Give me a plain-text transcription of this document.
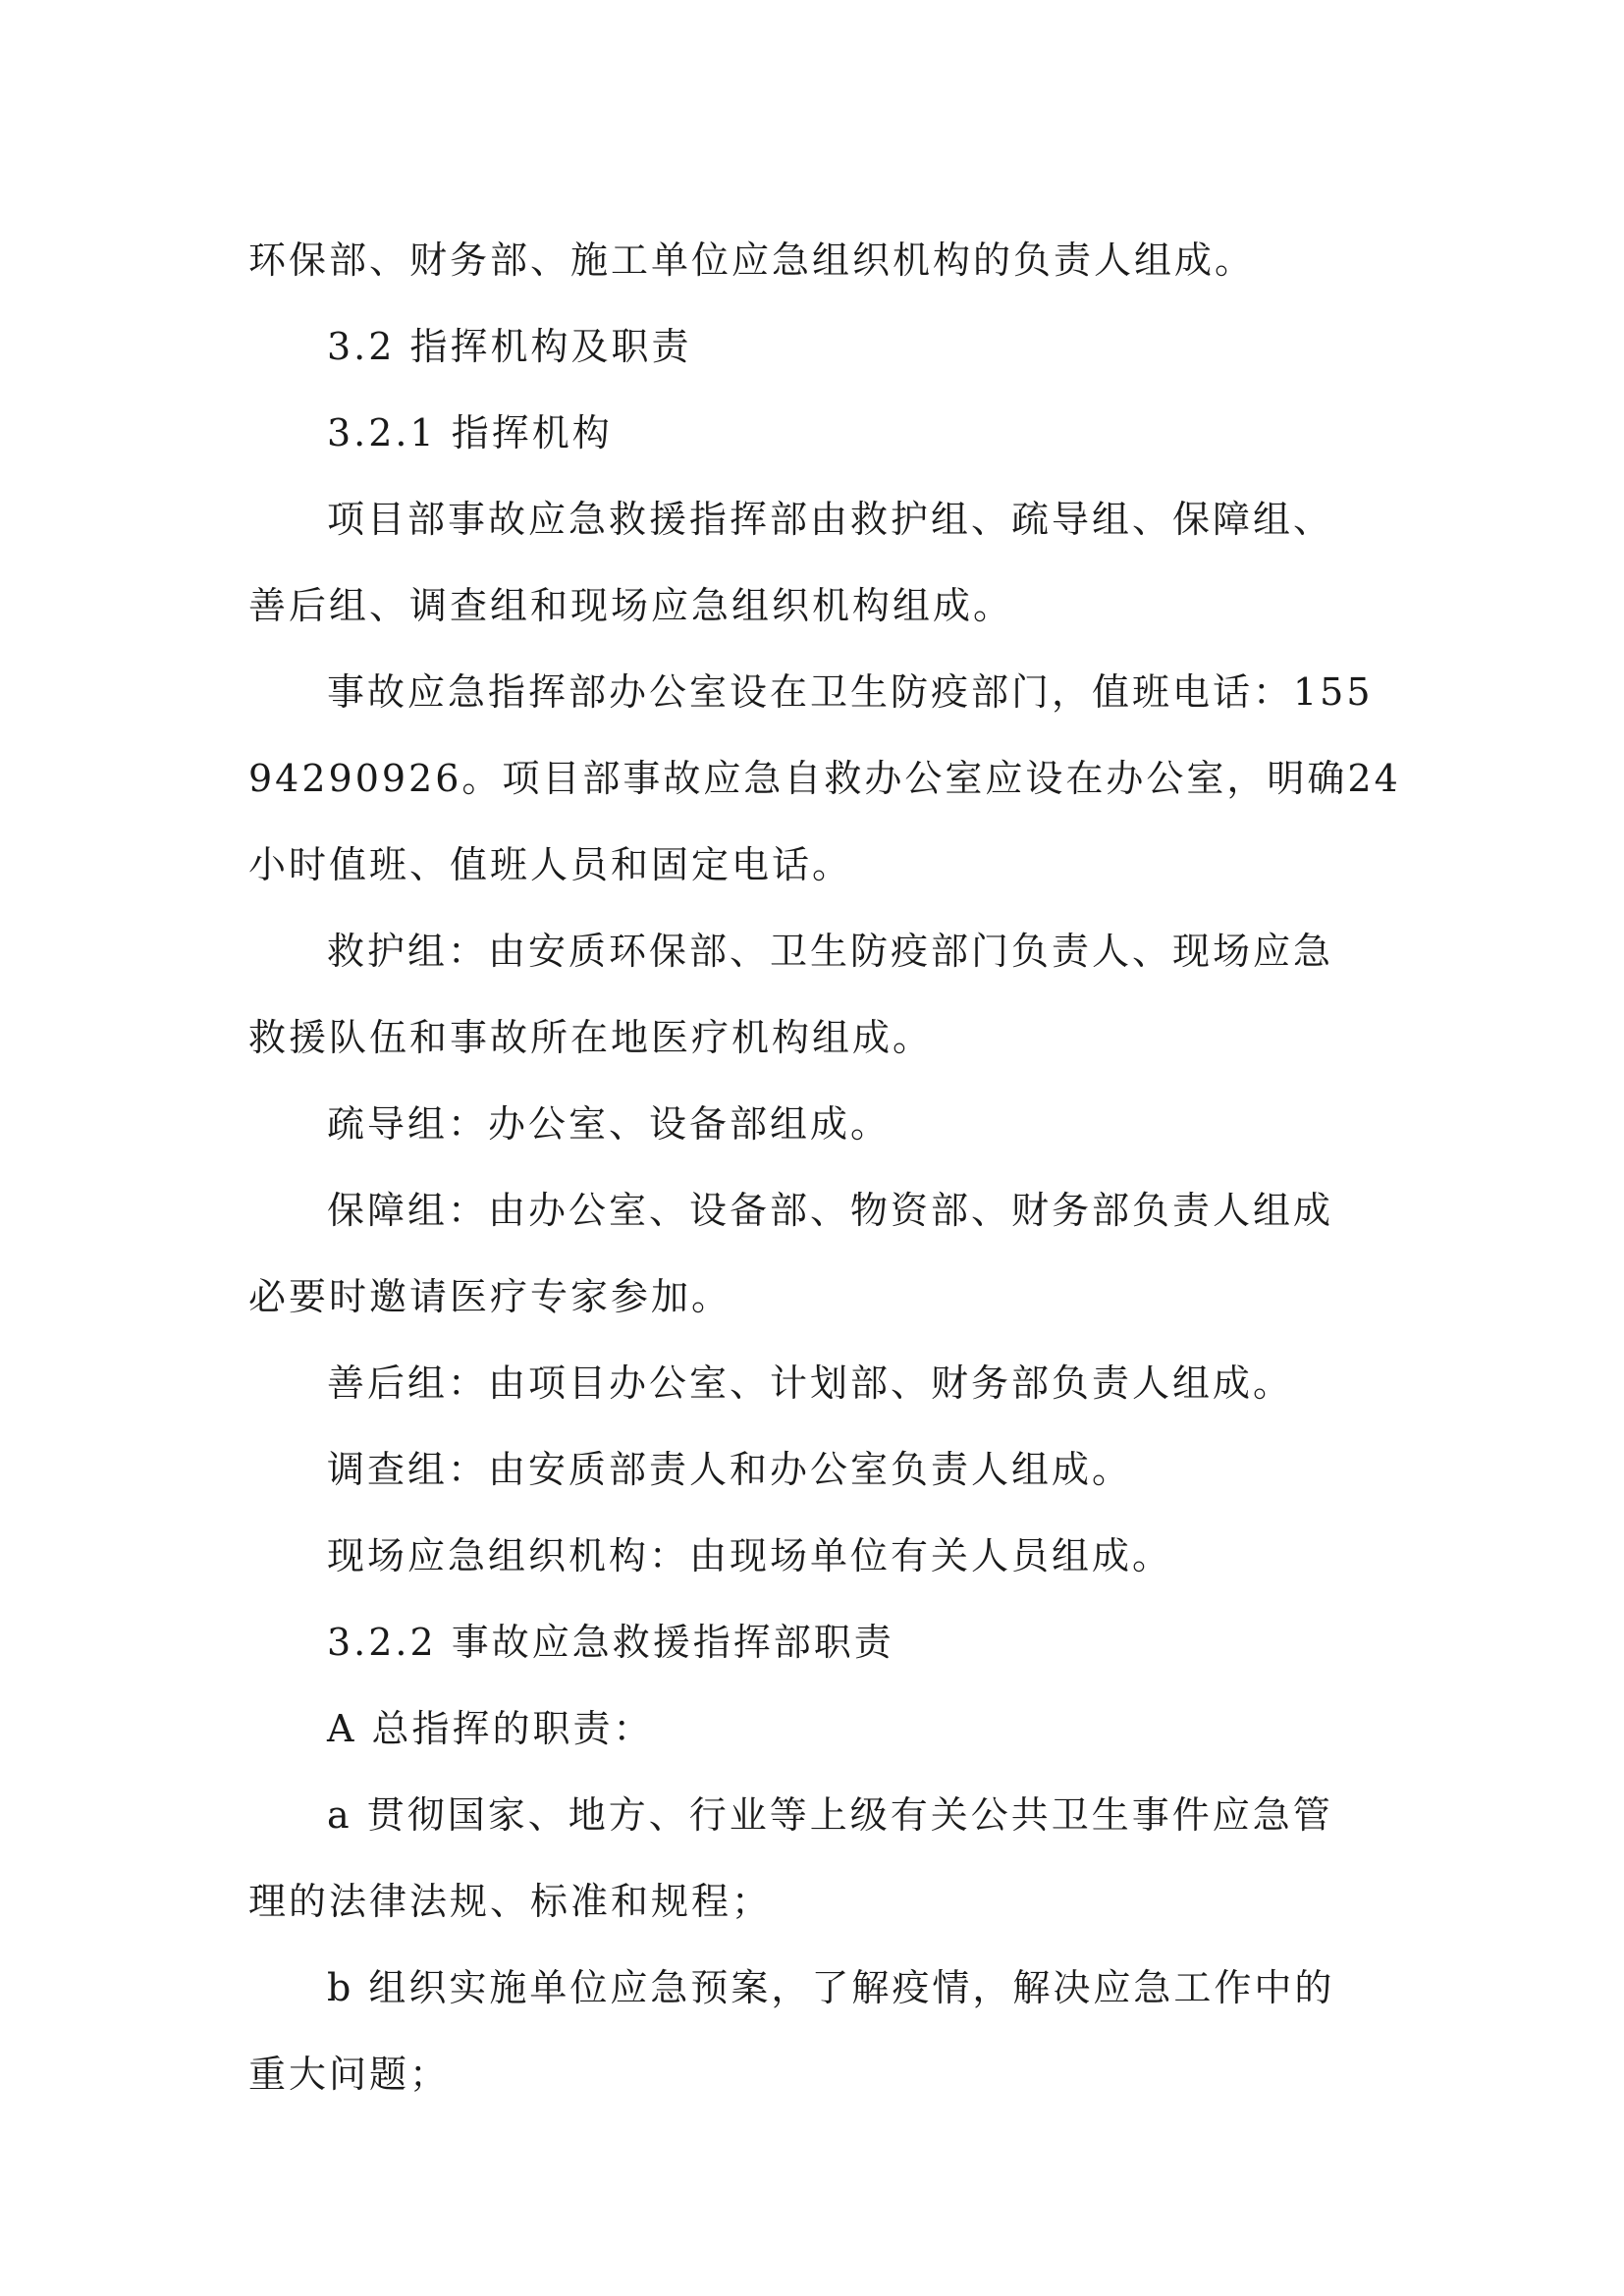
环保部、财务部、施工单位应急组织机构的负责人组成。
3.2 指挥机构及职责
3.2.1 指挥机构
项目部事故应急救援指挥部由救护组、疏导组、保障组、
善后组、调查组和现场应急组织机构组成。
事故应急指挥部办公室设在卫生防疫部门，值班电话：155
94290926。项目部事故应急自救办公室应设在办公室，明确24
小时值班、值班人员和固定电话。
救护组：由安质环保部、卫生防疫部门负责人、现场应急
救援队伍和事故所在地医疗机构组成。
疏导组：办公室、设备部组成。
保障组：由办公室、设备部、物资部、财务部负责人组成
必要时邀请医疗专家参加。
善后组：由项目办公室、计划部、财务部负责人组成。
调查组：由安质部责人和办公室负责人组成。
现场应急组织机构：由现场单位有关人员组成。
3.2.2 事故应急救援指挥部职责
A 总指挥的职责：
a 贯彻国家、地方、行业等上级有关公共卫生事件应急管
理的法律法规、标准和规程；
b 组织实施单位应急预案，了解疫情，解决应急工作中的
重大问题；
